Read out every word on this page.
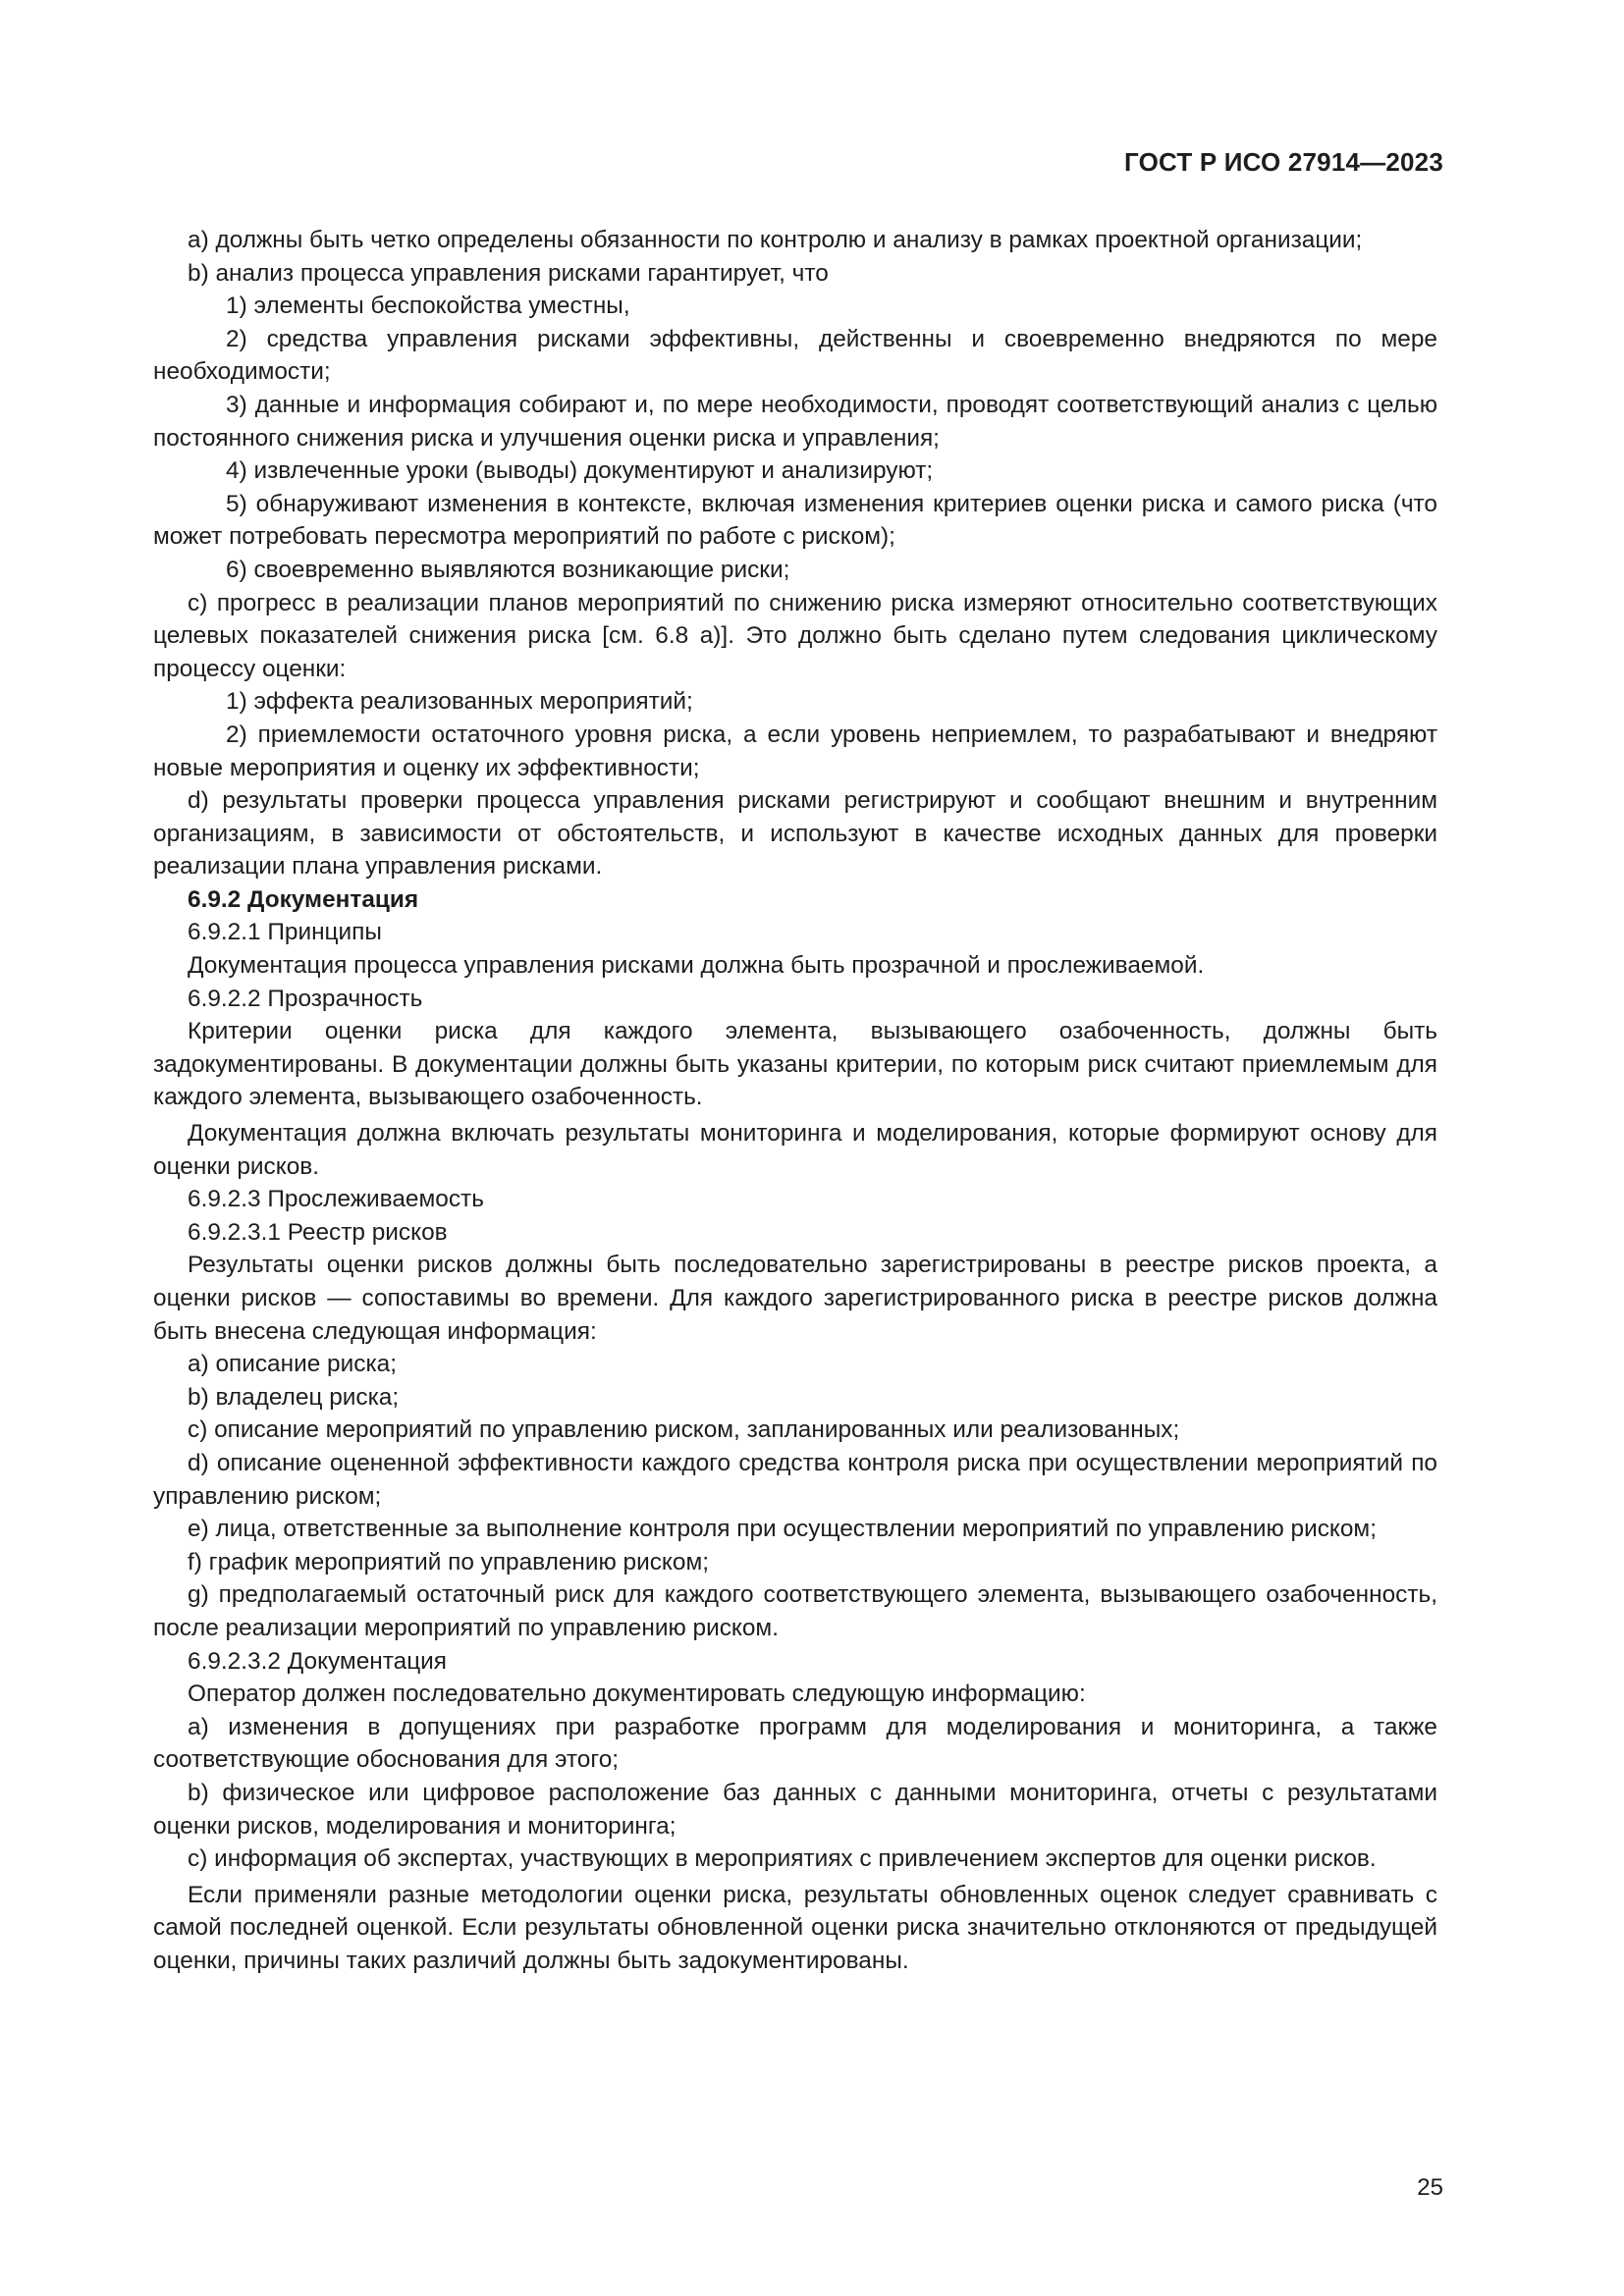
ГОСТ Р ИСО 27914—2023

a) должны быть четко определены обязанности по контролю и анализу в рамках проектной организации;

b) анализ процесса управления рисками гарантирует, что

1) элементы беспокойства уместны,

2) средства управления рисками эффективны, действенны и своевременно внедряются по мере необходимости;

3) данные и информация собирают и, по мере необходимости, проводят соответствующий анализ с целью постоянного снижения риска и улучшения оценки риска и управления;

4) извлеченные уроки (выводы) документируют и анализируют;

5) обнаруживают изменения в контексте, включая изменения критериев оценки риска и самого риска (что может потребовать пересмотра мероприятий по работе с риском);

6) своевременно выявляются возникающие риски;

c) прогресс в реализации планов мероприятий по снижению риска измеряют относительно соответствующих целевых показателей снижения риска [см. 6.8 a)]. Это должно быть сделано путем следования циклическому процессу оценки:

1) эффекта реализованных мероприятий;

2) приемлемости остаточного уровня риска, а если уровень неприемлем, то разрабатывают и внедряют новые мероприятия и оценку их эффективности;

d) результаты проверки процесса управления рисками регистрируют и сообщают внешним и внутренним организациям, в зависимости от обстоятельств, и используют в качестве исходных данных для проверки реализации плана управления рисками.

6.9.2 Документация

6.9.2.1 Принципы

Документация процесса управления рисками должна быть прозрачной и прослеживаемой.

6.9.2.2 Прозрачность

Критерии оценки риска для каждого элемента, вызывающего озабоченность, должны быть задокументированы. В документации должны быть указаны критерии, по которым риск считают приемлемым для каждого элемента, вызывающего озабоченность.

Документация должна включать результаты мониторинга и моделирования, которые формируют основу для оценки рисков.

6.9.2.3 Прослеживаемость

6.9.2.3.1 Реестр рисков

Результаты оценки рисков должны быть последовательно зарегистрированы в реестре рисков проекта, а оценки рисков — сопоставимы во времени. Для каждого зарегистрированного риска в реестре рисков должна быть внесена следующая информация:

a) описание риска;

b) владелец риска;

c) описание мероприятий по управлению риском, запланированных или реализованных;

d) описание оцененной эффективности каждого средства контроля риска при осуществлении мероприятий по управлению риском;

e) лица, ответственные за выполнение контроля при осуществлении мероприятий по управлению риском;

f) график мероприятий по управлению риском;

g) предполагаемый остаточный риск для каждого соответствующего элемента, вызывающего озабоченность, после реализации мероприятий по управлению риском.

6.9.2.3.2 Документация

Оператор должен последовательно документировать следующую информацию:

a) изменения в допущениях при разработке программ для моделирования и мониторинга, а также соответствующие обоснования для этого;

b) физическое или цифровое расположение баз данных с данными мониторинга, отчеты с результатами оценки рисков, моделирования и мониторинга;

c) информация об экспертах, участвующих в мероприятиях с привлечением экспертов для оценки рисков.

Если применяли разные методологии оценки риска, результаты обновленных оценок следует сравнивать с самой последней оценкой. Если результаты обновленной оценки риска значительно отклоняются от предыдущей оценки, причины таких различий должны быть задокументированы.

25
